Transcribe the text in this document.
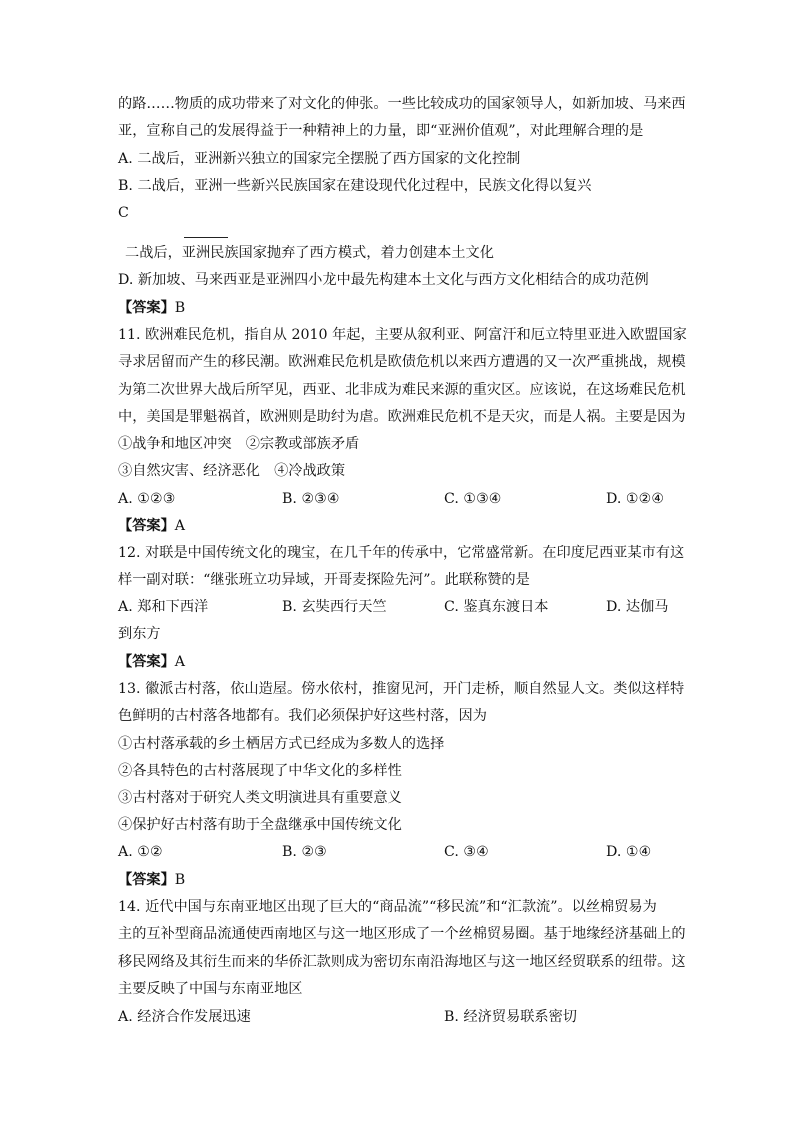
的路……物质的成功带来了对文化的伸张。一些比较成功的国家领导人，如新加坡、马来西
亚，宣称自己的发展得益于一种精神上的力量，即“亚洲价值观”，对此理解合理的是
A. 二战后，亚洲新兴独立的国家完全摆脱了西方国家的文化控制
B. 二战后，亚洲一些新兴民族国家在建设现代化过程中，民族文化得以复兴
C
二战后，亚洲民族国家抛弃了西方模式，着力创建本土文化
D. 新加坡、马来西亚是亚洲四小龙中最先构建本土文化与西方文化相结合的成功范例
【答案】B
11. 欧洲难民危机，指自从 2010 年起，主要从叙利亚、阿富汗和厄立特里亚进入欧盟国家
寻求居留而产生的移民潮。欧洲难民危机是欧债危机以来西方遭遇的又一次严重挑战，规模
为第二次世界大战后所罕见，西亚、北非成为难民来源的重灾区。应该说，在这场难民危机
中，美国是罪魁祸首，欧洲则是助纣为虐。欧洲难民危机不是天灾，而是人祸。主要是因为
①战争和地区冲突　②宗教或部族矛盾
③自然灾害、经济恶化　④冷战政策
A. ①②③	B. ②③④	C. ①③④	D. ①②④
【答案】A
12. 对联是中国传统文化的瑰宝，在几千年的传承中，它常盛常新。在印度尼西亚某市有这
样一副对联：“继张班立功异域，开哥麦探险先河”。此联称赞的是
A. 郑和下西洋	B. 玄奘西行天竺	C. 鉴真东渡日本	D. 达伽马
到东方
【答案】A
13. 徽派古村落，依山造屋。傍水依村，推窗见河，开门走桥，顺自然显人文。类似这样特
色鲜明的古村落各地都有。我们必须保护好这些村落，因为
①古村落承载的乡土栖居方式已经成为多数人的选择
②各具特色的古村落展现了中华文化的多样性
③古村落对于研究人类文明演进具有重要意义
④保护好古村落有助于全盘继承中国传统文化
A. ①②	B. ②③	C. ③④	D. ①④
【答案】B
14. 近代中国与东南亚地区出现了巨大的“商品流”“移民流”和“汇款流”。以丝棉贸易为
主的互补型商品流通使西南地区与这一地区形成了一个丝棉贸易圈。基于地缘经济基础上的
移民网络及其衍生而来的华侨汇款则成为密切东南沿海地区与这一地区经贸联系的纽带。这
主要反映了中国与东南亚地区
A. 经济合作发展迅速	B. 经济贸易联系密切
